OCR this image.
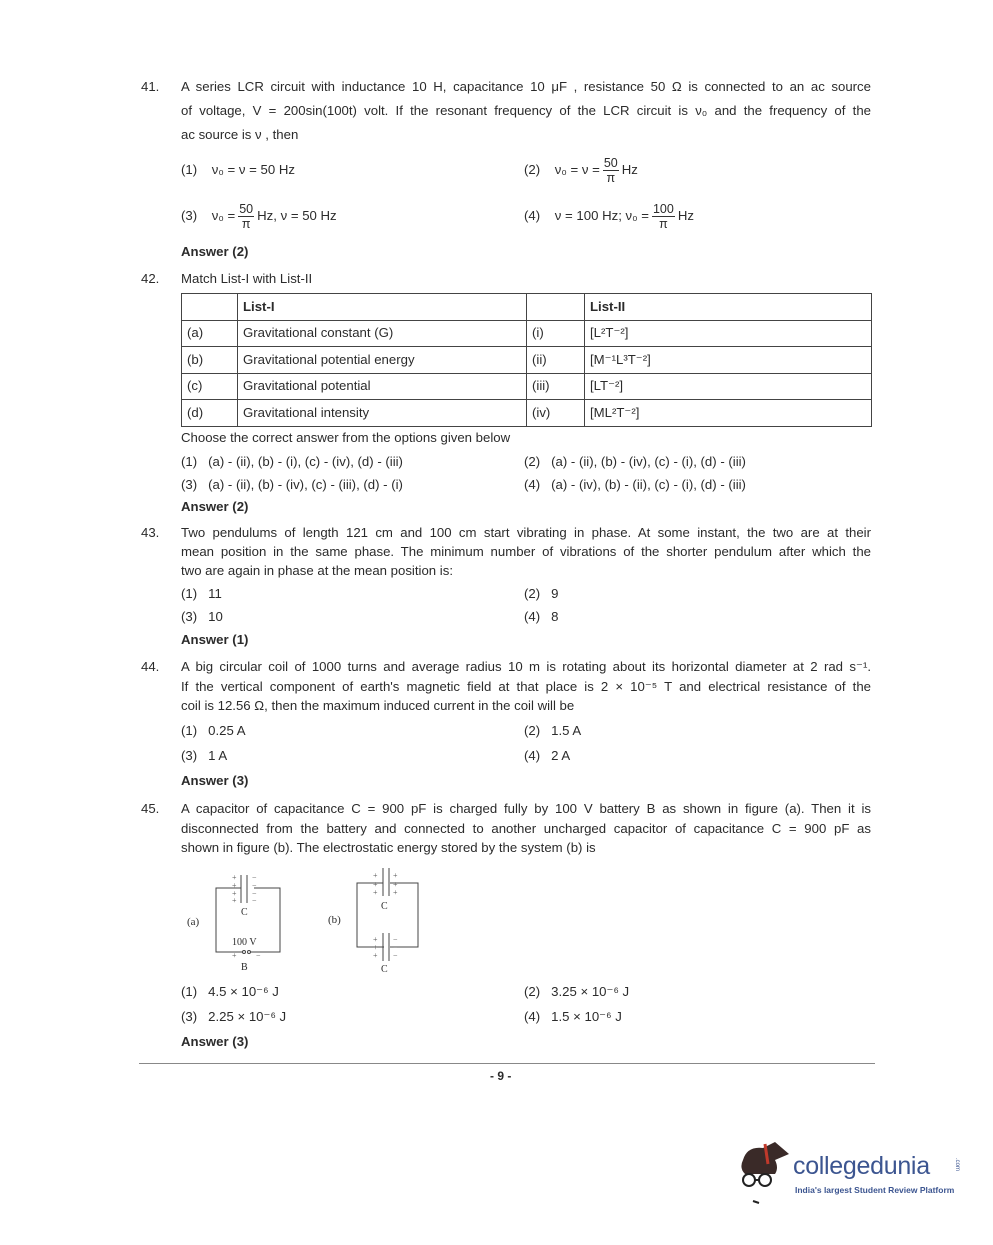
41. A series LCR circuit with inductance 10 H, capacitance 10 μF , resistance 50 Ω is connected to an ac source
of voltage, V = 200sin(100t) volt. If the resonant frequency of the LCR circuit is ν₀ and the frequency of the
ac source is ν , then
(1) ν₀ = ν = 50 Hz	(2) $\nu_0 = \nu = \frac{50}{\pi}$ Hz
(3) $\nu_0 = \frac{50}{\pi} Hz$, ν = 50 Hz	(4) ν = 100 Hz; $\nu_0 = \frac{100}{\pi}$ Hz
Answer (2)
42. Match List-I with List-II
	List-I		List-II
(a)	Gravitational constant (G)	(i)	[L²T⁻²]
(b)	Gravitational potential energy	(ii)	[M⁻¹L³T⁻²]
(c)	Gravitational potential	(iii)	[LT⁻²]
(d)	Gravitational intensity	(iv)	[ML²T⁻²]
Choose the correct answer from the options given below
(1) (a) - (ii), (b) - (i), (c) - (iv), (d) - (iii)	(2) (a) - (ii), (b) - (iv), (c) - (i), (d) - (iii)
(3) (a) - (ii), (b) - (iv), (c) - (iii), (d) - (i)	(4) (a) - (iv), (b) - (ii), (c) - (i), (d) - (iii)
Answer (2)
43. Two pendulums of length 121 cm and 100 cm start vibrating in phase. At some instant, the two are at their
mean position in the same phase. The minimum number of vibrations of the shorter pendulum after which the
two are again in phase at the mean position is:
(1) 11	(2) 9
(3) 10	(4) 8
Answer (1)
44. A big circular coil of 1000 turns and average radius 10 m is rotating about its horizontal diameter at 2 rad s⁻¹.
If the vertical component of earth's magnetic field at that place is 2 × 10⁻⁵ T and electrical resistance of the
coil is 12.56 Ω, then the maximum induced current in the coil will be
(1) 0.25 A	(2) 1.5 A
(3) 1 A	(4) 2 A
Answer (3)
45. A capacitor of capacitance C = 900 pF is charged fully by 100 V battery B as shown in figure (a). Then it is
disconnected from the battery and connected to another uncharged capacitor of capacitance C = 900 pF as
shown in figure (b). The electrostatic energy stored by the system (b) is
+
+
+
+
−
−
−
−
+ −
+
+
+
+
+
+
+
+
+
−
−
−
(a)
C
100 V
B
(b)
C
C
(1) 4.5 × 10⁻⁶ J	(2) 3.25 × 10⁻⁶ J
(3) 2.25 × 10⁻⁶ J	(4) 1.5 × 10⁻⁶ J
Answer (3)
- 9 -
collegedunia	.com
India's largest Student Review Platform
